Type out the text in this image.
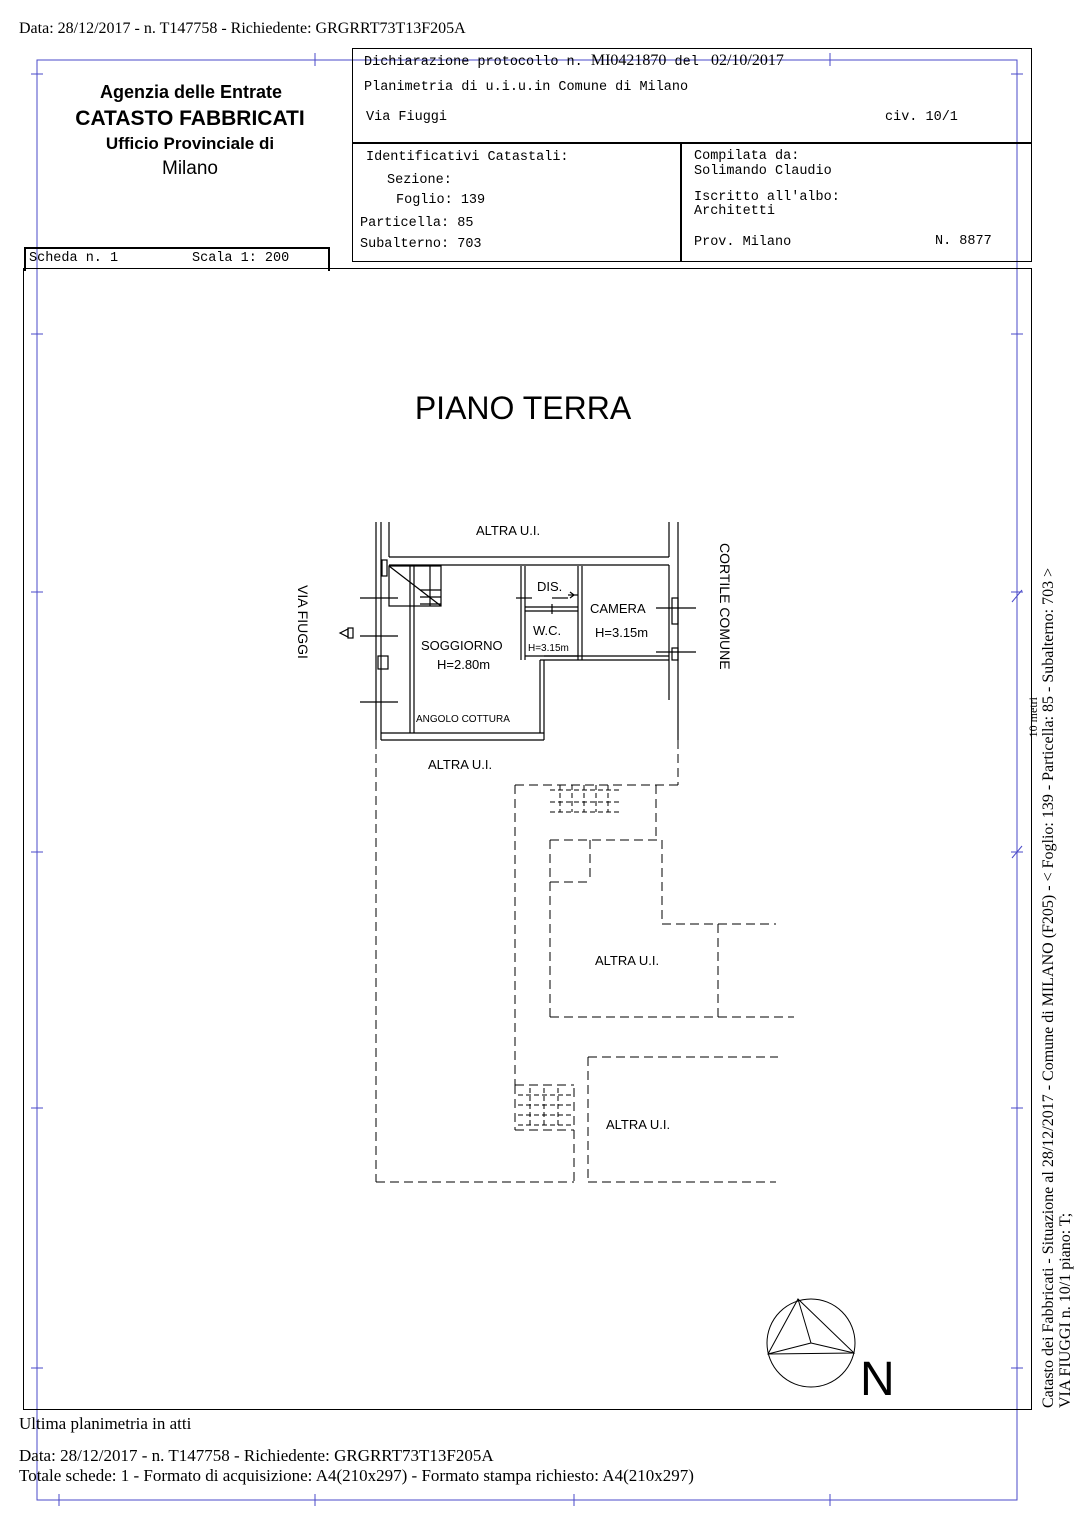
Data: 28/12/2017 - n. T147758 - Richiedente: GRGRRT73T13F205A
Agenzia delle Entrate
CATASTO FABBRICATI
Ufficio Provinciale di
Milano
Dichiarazione protocollo n. MI0421870 del 02/10/2017
Planimetria di u.i.u.in Comune di Milano
Via Fiuggi	civ. 10/1
Identificativi Catastali:
Sezione:
Foglio: 139
Particella: 85
Subalterno: 703
Compilata da:
Solimando Claudio
Iscritto all'albo:
Architetti
Prov. Milano	N. 8877
Scheda n. 1	Scala 1: 200
PIANO TERRA
ALTRA U.I.
VIA FIUGGI	CORTILE COMUNE
DIS.
CAMERA
H=3.15m
W.C.
H=3.15m
SOGGIORNO
H=2.80m
ANGOLO COTTURA
ALTRA U.I.
ALTRA U.I.
ALTRA U.I.
10 metri
N	Catasto dei Fabbricati - Situazione al 28/12/2017 - Comune di MILANO (F205) - < Foglio: 139 - Particella: 85 - Subalterno: 703 > VIA FIUGGI n. 10/1 piano: T;
Ultima planimetria in atti
Data: 28/12/2017 - n. T147758 - Richiedente: GRGRRT73T13F205A
Totale schede: 1 - Formato di acquisizione: A4(210x297) - Formato stampa richiesto: A4(210x297)
